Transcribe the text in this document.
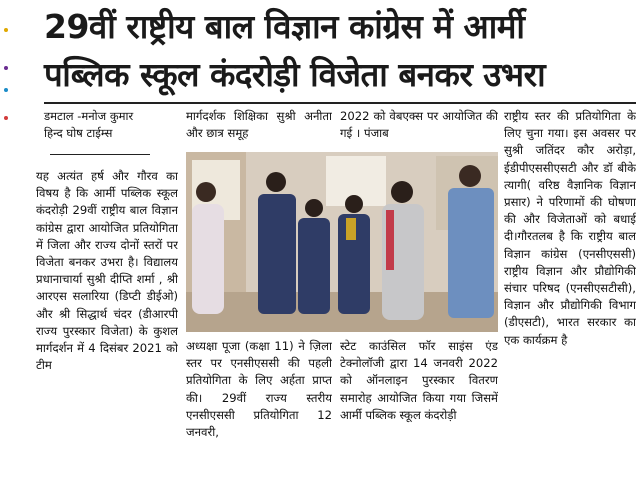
29वीं राष्ट्रीय बाल विज्ञान कांग्रेस में आर्मी
पब्लिक स्कूल कंदरोड़ी विजेता बनकर उभरा
डमटाल -मनोज कुमार
हिन्द घोष टाईम्स
यह अत्यंत हर्ष और गौरव का विषय है कि आर्मी पब्लिक स्कूल कंदरोड़ी 29वीं राष्ट्रीय बाल विज्ञान कांग्रेस द्वारा आयोजित प्रतियोगिता में जिला और राज्य दोनों स्तरों पर विजेता बनकर उभरा है। विद्यालय प्रधानाचार्या सुश्री दीप्ति शर्मा , श्री आरएस सलारिया (डिप्टी डीईओ) और श्री सिद्धार्थ चंदर (डीआरपी राज्य पुरस्कार विजेता) के कुशल मार्गदर्शन में 4 दिसंबर 2021 को टीम
मार्गदर्शक शिक्षिका सुश्री अनीता और छात्र समूह
2022 को वेबएक्स पर आयोजित की गई । पंजाब
अध्यक्षा पूजा (कक्षा 11) ने ज़िला स्तर पर एनसीएससी की पहली प्रतियोगिता के लिए अर्हता प्राप्त की। 29वीं राज्य स्तरीय एनसीएससी प्रतियोगिता 12 जनवरी,
स्टेट काउंसिल फॉर साइंस एंड टेक्नोलॉजी द्वारा 14 जनवरी 2022 को ऑनलाइन पुरस्कार वितरण समारोह आयोजित किया गया जिसमें आर्मी पब्लिक स्कूल कंदरोड़ी
राष्ट्रीय स्तर की प्रतियोगिता के लिए चुना गया। इस अवसर पर सुश्री जतिंदर कौर अरोड़ा, ईडीपीएससीएसटी और डॉ बीके त्यागी( वरिष्ठ वैज्ञानिक विज्ञान प्रसार) ने परिणामों की घोषणा की और विजेताओं को बधाई दी।गौरतलब है कि राष्ट्रीय बाल विज्ञान कांग्रेस (एनसीएससी) राष्ट्रीय विज्ञान और प्रौद्योगिकी संचार परिषद (एनसीएसटीसी), विज्ञान और प्रौद्योगिकी विभाग (डीएसटी), भारत सरकार का एक कार्यक्रम है
